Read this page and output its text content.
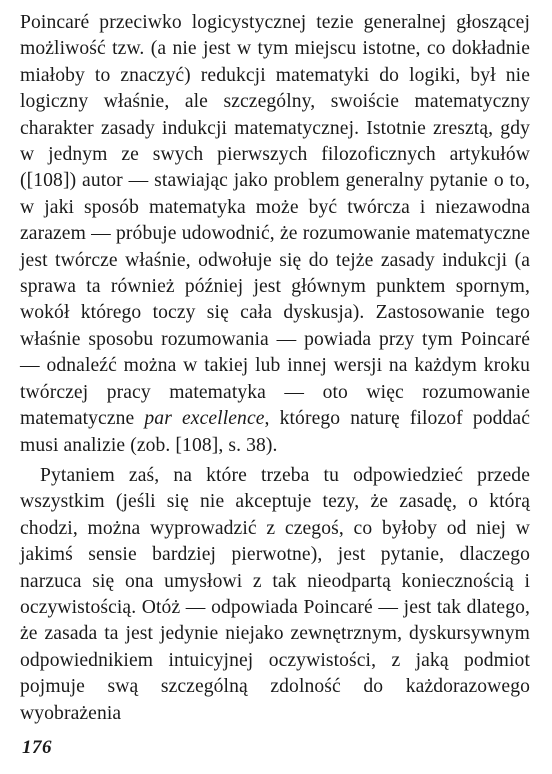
Poincaré przeciwko logicystycznej tezie generalnej głoszącej możliwość tzw. (a nie jest w tym miejscu istotne, co dokładnie miałoby to znaczyć) redukcji matematyki do logiki, był nie logiczny właśnie, ale szczególny, swoiście matematyczny charakter zasady indukcji matematycznej. Istotnie zresztą, gdy w jednym ze swych pierwszych filozoficznych artykułów ([108]) autor — stawiając jako problem generalny pytanie o to, w jaki sposób matematyka może być twórcza i niezawodna zarazem — próbuje udowodnić, że rozumowanie matematyczne jest twórcze właśnie, odwołuje się do tejże zasady indukcji (a sprawa ta również później jest głównym punktem spornym, wokół którego toczy się cała dyskusja). Zastosowanie tego właśnie sposobu rozumowania — powiada przy tym Poincaré — odnaleźć można w takiej lub innej wersji na każdym kroku twórczej pracy matematyka — oto więc rozumowanie matematyczne par excellence, którego naturę filozof poddać musi analizie (zob. [108], s. 38).

Pytaniem zaś, na które trzeba tu odpowiedzieć przede wszystkim (jeśli się nie akceptuje tezy, że zasadę, o którą chodzi, można wyprowadzić z czegoś, co byłoby od niej w jakimś sensie bardziej pierwotne), jest pytanie, dlaczego narzuca się ona umysłowi z tak nieodpartą koniecznością i oczywistością. Otóż — odpowiada Poincaré — jest tak dlatego, że zasada ta jest jedynie niejako zewnętrznym, dyskursywnym odpowiednikiem intuicyjnej oczywistości, z jaką podmiot pojmuje swą szczególną zdolność do każdorazowego wyobrażenia

176
